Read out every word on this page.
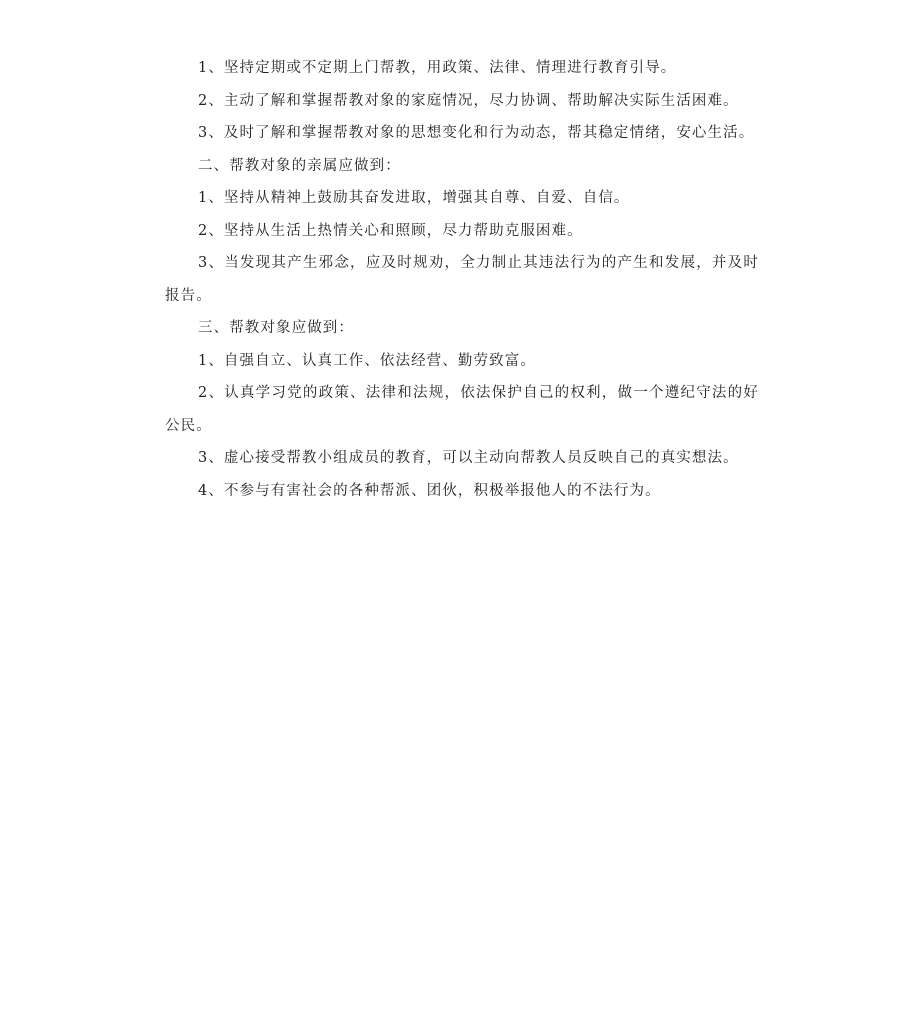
1、坚持定期或不定期上门帮教，用政策、法律、情理进行教育引导。

2、主动了解和掌握帮教对象的家庭情况，尽力协调、帮助解决实际生活困难。

3、及时了解和掌握帮教对象的思想变化和行为动态，帮其稳定情绪，安心生活。

二、帮教对象的亲属应做到：

1、坚持从精神上鼓励其奋发进取，增强其自尊、自爱、自信。

2、坚持从生活上热情关心和照顾，尽力帮助克服困难。

3、当发现其产生邪念，应及时规劝，全力制止其违法行为的产生和发展，并及时报告。

三、帮教对象应做到：

1、自强自立、认真工作、依法经营、勤劳致富。

2、认真学习党的政策、法律和法规，依法保护自己的权利，做一个遵纪守法的好公民。

3、虚心接受帮教小组成员的教育，可以主动向帮教人员反映自己的真实想法。

4、不参与有害社会的各种帮派、团伙，积极举报他人的不法行为。
